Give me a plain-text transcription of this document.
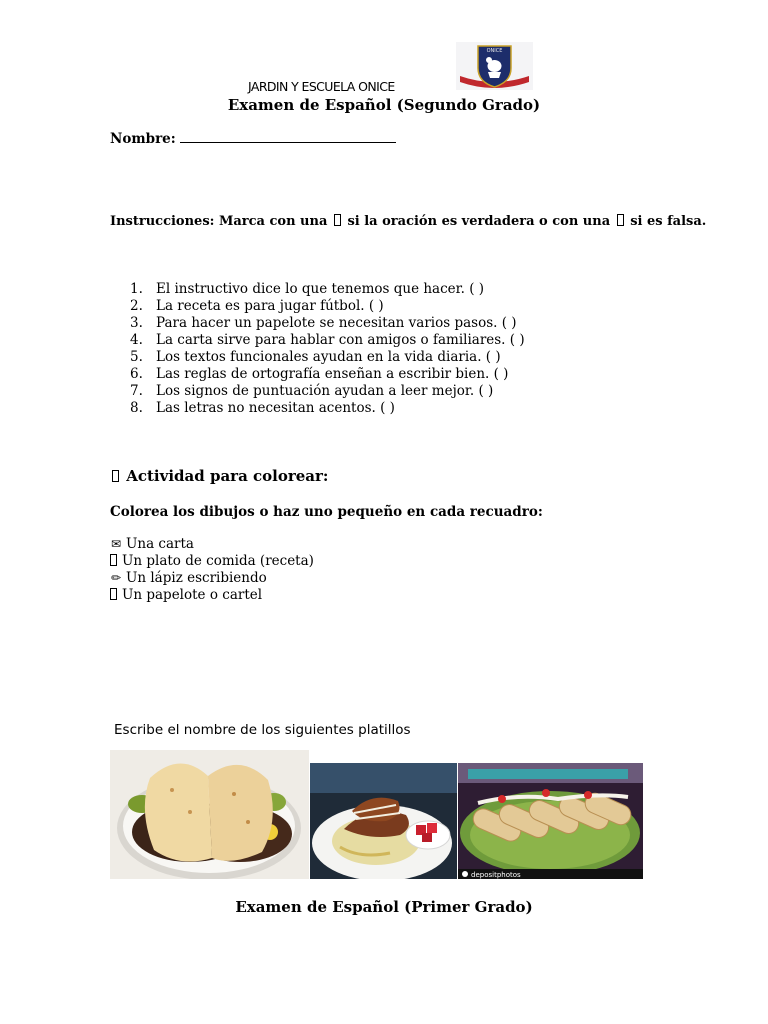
JARDIN Y ESCUELA ONICE
ONICE
Examen de Español (Segundo Grado)
Nombre:
Instrucciones: Marca con una si la oración es verdadera o con una si es falsa.
1. El instructivo dice lo que tenemos que hacer. ( )
2. La receta es para jugar fútbol. ( )
3. Para hacer un papelote se necesitan varios pasos. ( )
4. La carta sirve para hablar con amigos o familiares. ( )
5. Los textos funcionales ayudan en la vida diaria. ( )
6. Las reglas de ortografía enseñan a escribir bien. ( )
7. Los signos de puntuación ayudan a leer mejor. ( )
8. Las letras no necesitan acentos. ( )
Actividad para colorear:
Colorea los dibujos o haz uno pequeño en cada recuadro:
✉ Una carta
Un plato de comida (receta)
✏ Un lápiz escribiendo
Un papelote o cartel
Escribe el nombre de los siguientes platillos
depositphotos
Examen de Español (Primer Grado)
